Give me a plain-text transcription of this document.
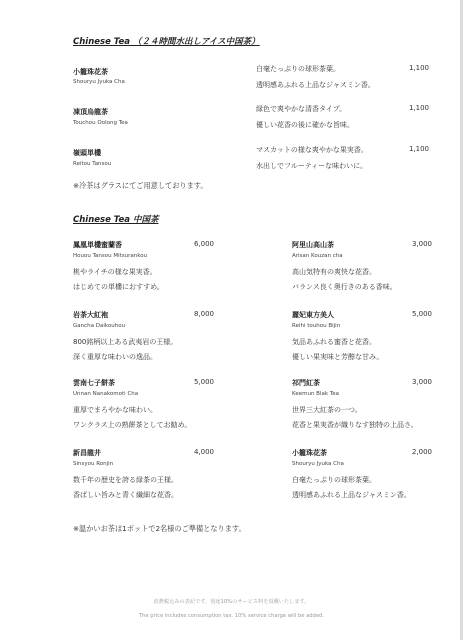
Chinese Tea （２４時間水出しアイス中国茶）
小籠珠花茶
Shouryu Jyuka Cha
白毫たっぷりの球形茶葉。
透明感あふれる上品なジャスミン香。
1,100
凍頂烏龍茶
Touchou Oolong Tea
緑色で爽やかな清香タイプ。
優しい花香の後に確かな旨味。
1,100
嶺頭単欉
Reitou Tansou
マスカットの様な爽やかな果実香。
水出しでフルーティーな味わいに。
1,100
※冷茶はグラスにてご用意しております。
Chinese Tea 中国茶
鳳凰単欉蜜蘭香	6,000
Houou Tansou Mitsurankou
桃やライチの様な果実香。
はじめての単欉におすすめ。
岩茶大紅袍	8,000
Gancha Daikouhou
800銘柄以上ある武夷岩の王様。
深く重厚な味わいの逸品。
雲南七子餅茶	5,000
Unnan Nanakomoti Cha
重厚でまろやかな味わい。
ワンクラス上の熟餅茶としてお勧め。
新昌龍井	4,000
Sinsyou Ronjin
数千年の歴史を誇る緑茶の王様。
香ばしい旨みと青く繊細な花香。
阿里山高山茶	3,000
Arisan Kouzan cha
高山気特有の爽快な花香。
バランス良く奥行きのある香味。
麗妃東方美人	5,000
Reihi touhou Bijin
気品あふれる蜜香と花香。
優しい果実味と芳醇な甘み。
祁門紅茶	3,000
Keemun Blak Tea
世界三大紅茶の一つ。
花香と果実香が織りなす独特の上品さ。
小籠珠花茶	2,000
Shouryu Jyuka Cha
白毫たっぷりの球形茶葉。
透明感あふれる上品なジャスミン香。
※温かいお茶は1ポットで2名様のご準備となります。
消費税込みの表記です。別途10%のサービス料を頂戴いたします。
The price includes consumption tax. 10% service charge will be added.
